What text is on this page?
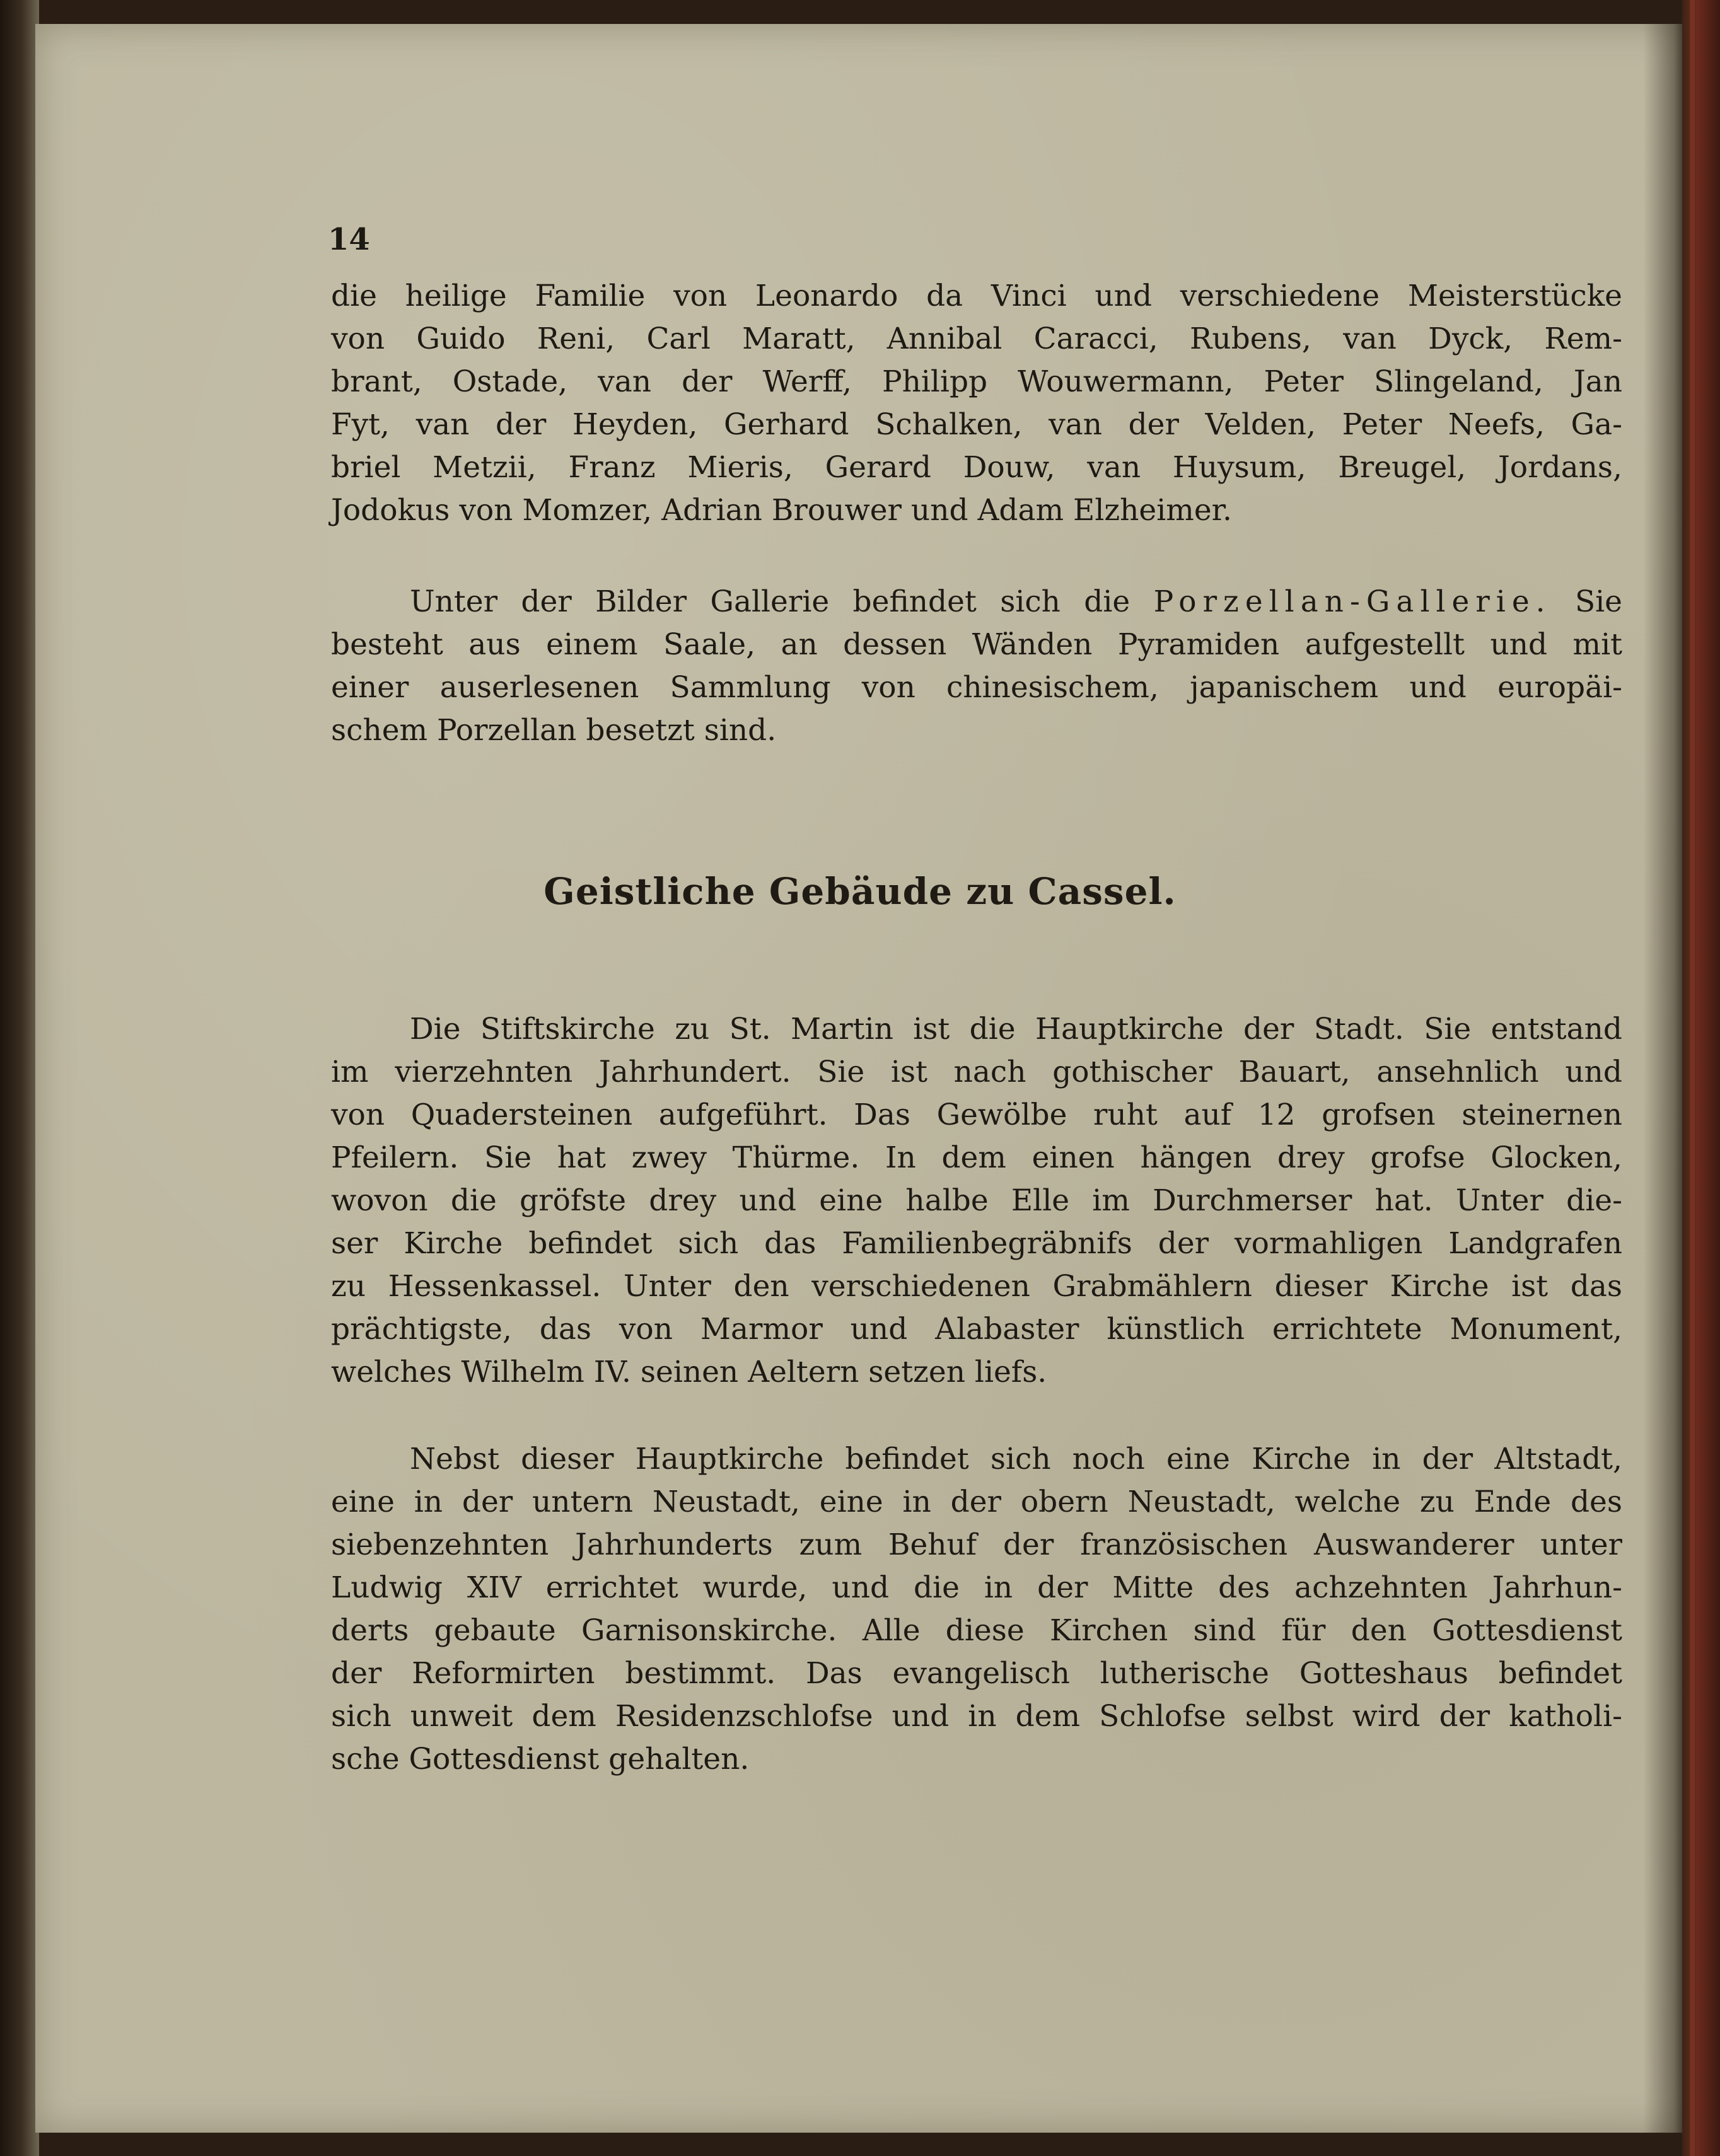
14
die heilige Familie von Leonardo da Vinci und verschiedene Meisterstücke
von Guido Reni, Carl Maratt, Annibal Caracci, Rubens, van Dyck, Rem-
brant, Ostade, van der Werff, Philipp Wouwermann, Peter Slingeland, Jan
Fyt, van der Heyden, Gerhard Schalken, van der Velden, Peter Neefs, Ga-
briel Metzii, Franz Mieris, Gerard Douw, van Huysum, Breugel, Jordans,
Jodokus von Momzer, Adrian Brouwer und Adam Elzheimer.
Unter der Bilder Gallerie befindet sich die Porzellan-Gallerie. Sie
besteht aus einem Saale, an dessen Wänden Pyramiden aufgestellt und mit
einer auserlesenen Sammlung von chinesischem, japanischem und europäi-
schem Porzellan besetzt sind.
Geistliche Gebäude zu Cassel.
Die Stiftskirche zu St. Martin ist die Hauptkirche der Stadt. Sie entstand
im vierzehnten Jahrhundert. Sie ist nach gothischer Bauart, ansehnlich und
von Quadersteinen aufgeführt. Das Gewölbe ruht auf 12 grofsen steinernen
Pfeilern. Sie hat zwey Thürme. In dem einen hängen drey grofse Glocken,
wovon die gröfste drey und eine halbe Elle im Durchmerser hat. Unter die-
ser Kirche befindet sich das Familienbegräbnifs der vormahligen Landgrafen
zu Hessenkassel. Unter den verschiedenen Grabmählern dieser Kirche ist das
prächtigste, das von Marmor und Alabaster künstlich errichtete Monument,
welches Wilhelm IV. seinen Aeltern setzen liefs.
Nebst dieser Hauptkirche befindet sich noch eine Kirche in der Altstadt,
eine in der untern Neustadt, eine in der obern Neustadt, welche zu Ende des
siebenzehnten Jahrhunderts zum Behuf der französischen Auswanderer unter
Ludwig XIV errichtet wurde, und die in der Mitte des achzehnten Jahrhun-
derts gebaute Garnisonskirche. Alle diese Kirchen sind für den Gottesdienst
der Reformirten bestimmt. Das evangelisch lutherische Gotteshaus befindet
sich unweit dem Residenzschlofse und in dem Schlofse selbst wird der katholi-
sche Gottesdienst gehalten.
